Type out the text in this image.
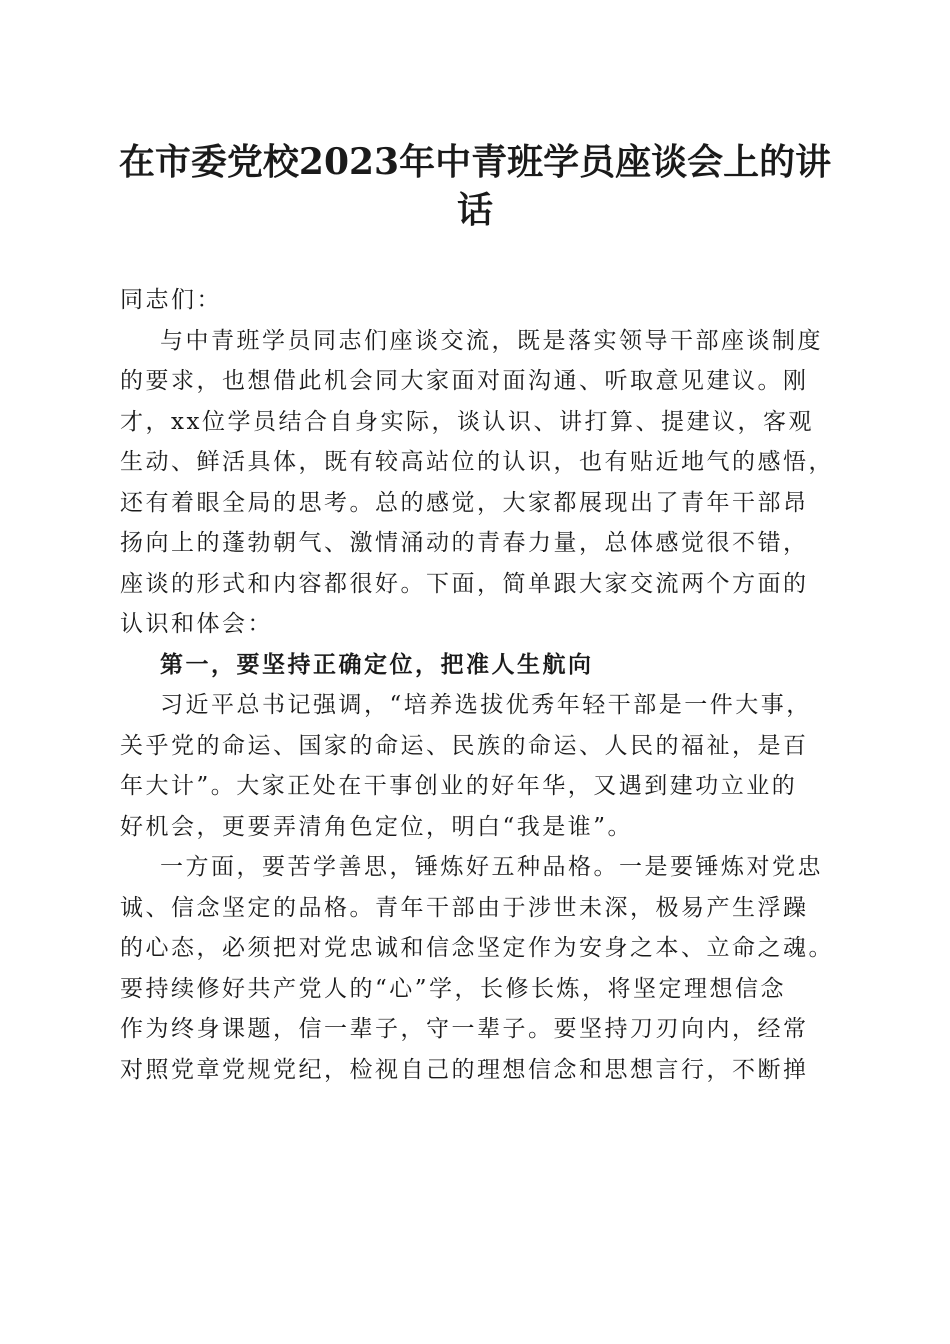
在市委党校2023年中青班学员座谈会上的讲
话
同志们：
与中青班学员同志们座谈交流，既是落实领导干部座谈制度
的要求，也想借此机会同大家面对面沟通、听取意见建议。刚
才，xx位学员结合自身实际，谈认识、讲打算、提建议，客观
生动、鲜活具体，既有较高站位的认识，也有贴近地气的感悟，
还有着眼全局的思考。总的感觉，大家都展现出了青年干部昂
扬向上的蓬勃朝气、激情涌动的青春力量，总体感觉很不错，
座谈的形式和内容都很好。下面，简单跟大家交流两个方面的
认识和体会：
第一，要坚持正确定位，把准人生航向
习近平总书记强调，“培养选拔优秀年轻干部是一件大事，
关乎党的命运、国家的命运、民族的命运、人民的福祉，是百
年大计”。大家正处在干事创业的好年华，又遇到建功立业的
好机会，更要弄清角色定位，明白“我是谁”。
一方面，要苦学善思，锤炼好五种品格。一是要锤炼对党忠
诚、信念坚定的品格。青年干部由于涉世未深，极易产生浮躁
的心态，必须把对党忠诚和信念坚定作为安身之本、立命之魂。
要持续修好共产党人的“心”学，长修长炼，将坚定理想信念
作为终身课题，信一辈子，守一辈子。要坚持刀刃向内，经常
对照党章党规党纪，检视自己的理想信念和思想言行，不断掸
